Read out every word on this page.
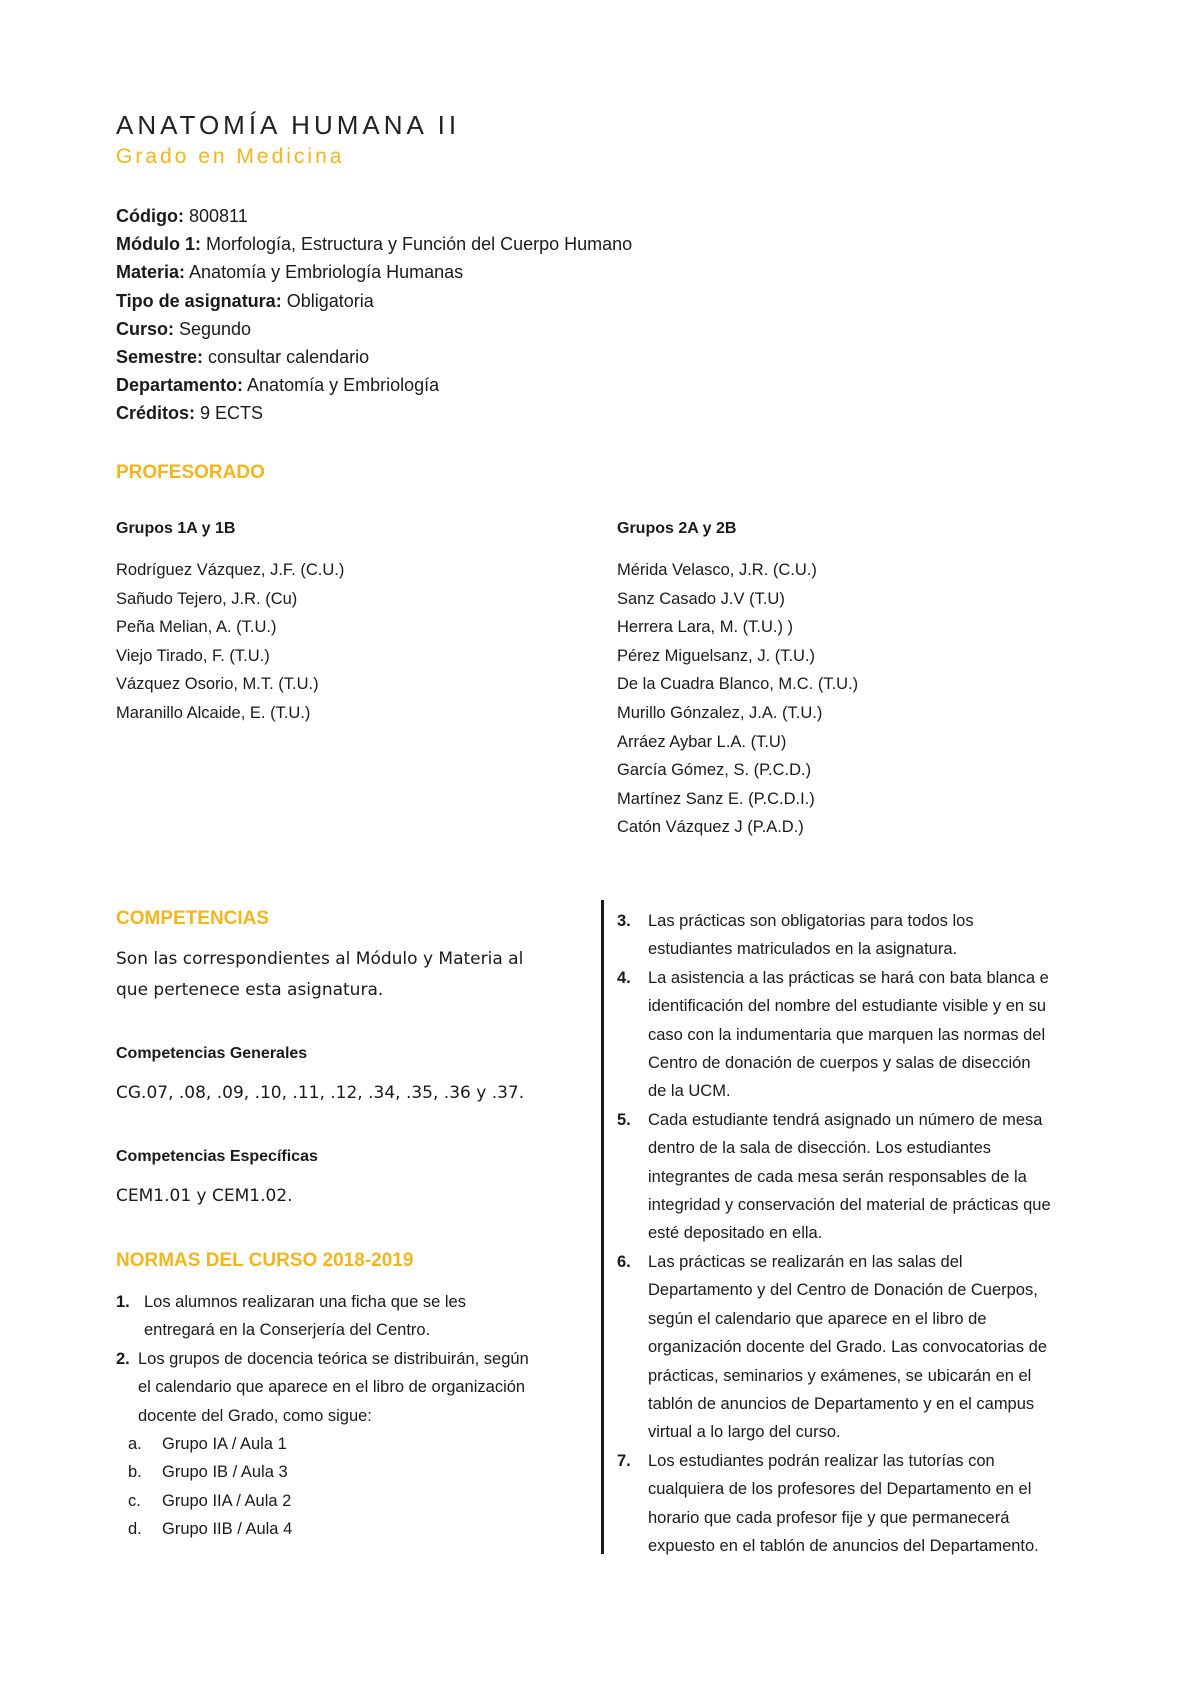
ANATOMÍA HUMANA II
Grado en Medicina
Código: 800811
Módulo 1: Morfología, Estructura y Función del Cuerpo Humano
Materia: Anatomía y Embriología Humanas
Tipo de asignatura: Obligatoria
Curso: Segundo
Semestre: consultar calendario
Departamento: Anatomía y Embriología
Créditos: 9 ECTS
PROFESORADO
Grupos 1A y 1B
Rodríguez Vázquez, J.F. (C.U.)
Sañudo Tejero, J.R. (Cu)
Peña Melian, A. (T.U.)
Viejo Tirado, F. (T.U.)
Vázquez Osorio, M.T. (T.U.)
Maranillo Alcaide, E. (T.U.)
Grupos 2A y 2B
Mérida Velasco, J.R. (C.U.)
Sanz Casado J.V (T.U)
Herrera Lara, M. (T.U.) )
Pérez Miguelsanz, J. (T.U.)
De la Cuadra Blanco, M.C. (T.U.)
Murillo Gónzalez, J.A. (T.U.)
Arráez Aybar L.A. (T.U)
García Gómez, S. (P.C.D.)
Martínez Sanz E. (P.C.D.I.)
Catón Vázquez J (P.A.D.)
COMPETENCIAS
Son las correspondientes al Módulo y Materia al
que pertenece esta asignatura.
Competencias Generales
CG.07, .08, .09, .10, .11, .12, .34, .35, .36 y .37.
Competencias Específicas
CEM1.01 y CEM1.02.
NORMAS DEL CURSO 2018-2019
1. Los alumnos realizaran una ficha que se les
entregará en la Conserjería del Centro.
2. Los grupos de docencia teórica se distribuirán, según
el calendario que aparece en el libro de organización
docente del Grado, como sigue:
a. Grupo IA / Aula 1
b. Grupo IB / Aula 3
c. Grupo IIA / Aula 2
d. Grupo IIB / Aula 4
3. Las prácticas son obligatorias para todos los
estudiantes matriculados en la asignatura.
4. La asistencia a las prácticas se hará con bata blanca e
identificación del nombre del estudiante visible y en su
caso con la indumentaria que marquen las normas del
Centro de donación de cuerpos y salas de disección
de la UCM.
5. Cada estudiante tendrá asignado un número de mesa
dentro de la sala de disección. Los estudiantes
integrantes de cada mesa serán responsables de la
integridad y conservación del material de prácticas que
esté depositado en ella.
6. Las prácticas se realizarán en las salas del
Departamento y del Centro de Donación de Cuerpos,
según el calendario que aparece en el libro de
organización docente del Grado. Las convocatorias de
prácticas, seminarios y exámenes, se ubicarán en el
tablón de anuncios de Departamento y en el campus
virtual a lo largo del curso.
7. Los estudiantes podrán realizar las tutorías con
cualquiera de los profesores del Departamento en el
horario que cada profesor fije y que permanecerá
expuesto en el tablón de anuncios del Departamento.
